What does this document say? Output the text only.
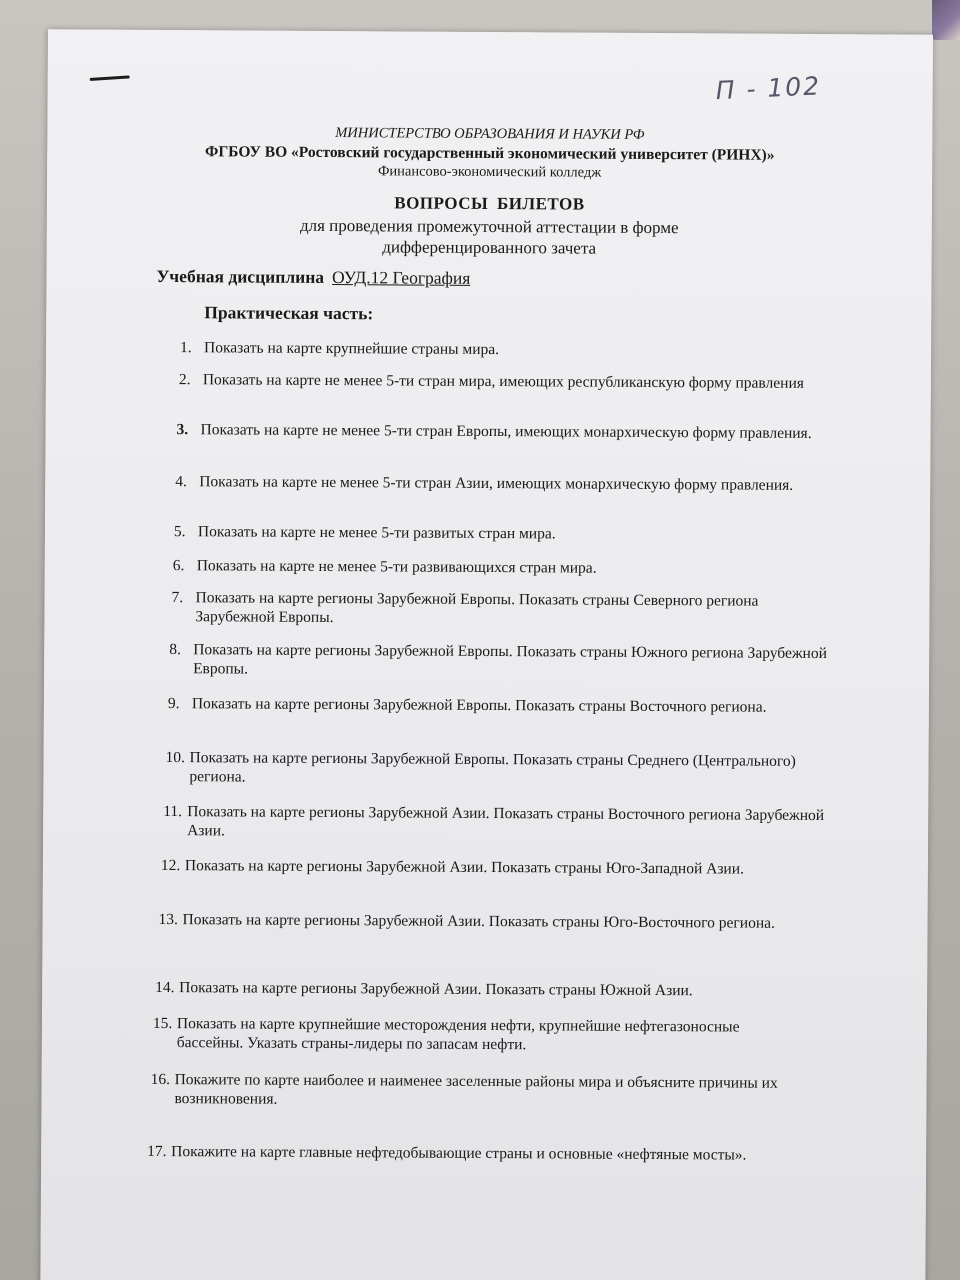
П - 102
МИНИСТЕРСТВО ОБРАЗОВАНИЯ И НАУКИ РФ
ФГБОУ ВО «Ростовский государственный экономический университет (РИНХ)»
Финансово-экономический колледж
ВОПРОСЫ БИЛЕТОВ
для проведения промежуточной аттестации в форме
дифференцированного зачета
Учебная дисциплина ОУД.12 География
Практическая часть:
1. Показать на карте крупнейшие страны мира.
2. Показать на карте не менее 5-ти стран мира, имеющих республиканскую форму правления
3. Показать на карте не менее 5-ти стран Европы, имеющих монархическую форму правления.
4. Показать на карте не менее 5-ти стран Азии, имеющих монархическую форму правления.
5. Показать на карте не менее 5-ти развитых стран мира.
6. Показать на карте не менее 5-ти развивающихся стран мира.
7. Показать на карте регионы Зарубежной Европы. Показать страны Северного региона Зарубежной Европы.
8. Показать на карте регионы Зарубежной Европы. Показать страны Южного региона Зарубежной Европы.
9. Показать на карте регионы Зарубежной Европы. Показать страны Восточного региона.
10. Показать на карте регионы Зарубежной Европы. Показать страны Среднего (Центрального) региона.
11. Показать на карте регионы Зарубежной Азии. Показать страны Восточного региона Зарубежной Азии.
12. Показать на карте регионы Зарубежной Азии. Показать страны Юго-Западной Азии.
13. Показать на карте регионы Зарубежной Азии. Показать страны Юго-Восточного региона.
14. Показать на карте регионы Зарубежной Азии. Показать страны Южной Азии.
15. Показать на карте крупнейшие месторождения нефти, крупнейшие нефтегазоносные бассейны. Указать страны-лидеры по запасам нефти.
16. Покажите по карте наиболее и наименее заселенные районы мира и объясните причины их возникновения.
17. Покажите на карте главные нефтедобывающие страны и основные «нефтяные мосты».
